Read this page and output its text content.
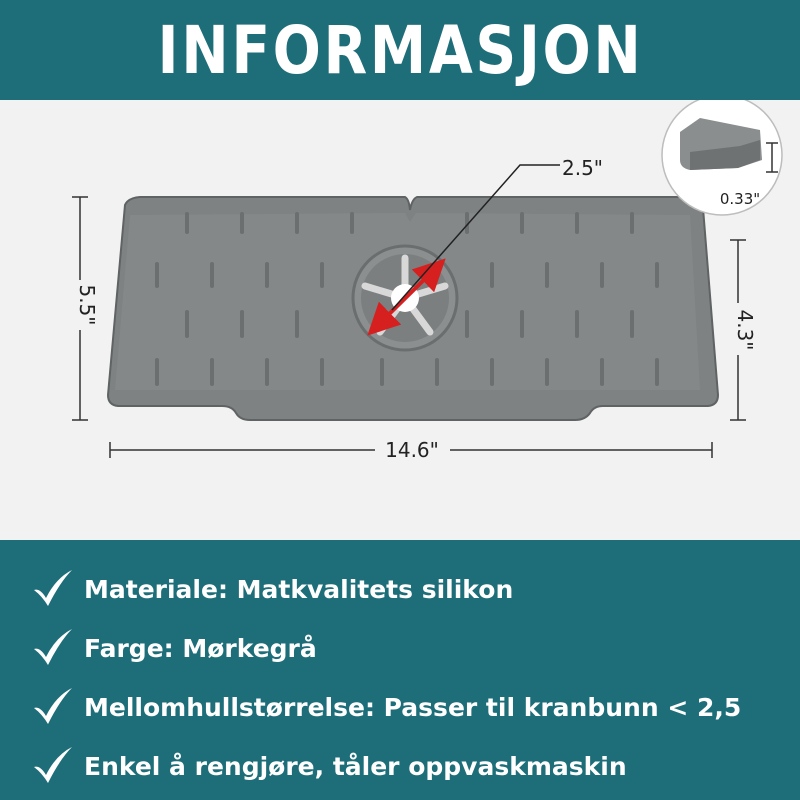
INFORMASJON
2.5"
5.5"
4.3"
14.6"
0.33"
Materiale: Matkvalitets silikon
Farge: Mørkegrå
Mellomhullstørrelse: Passer til kranbunn < 2,5
Enkel å rengjøre, tåler oppvaskmaskin
